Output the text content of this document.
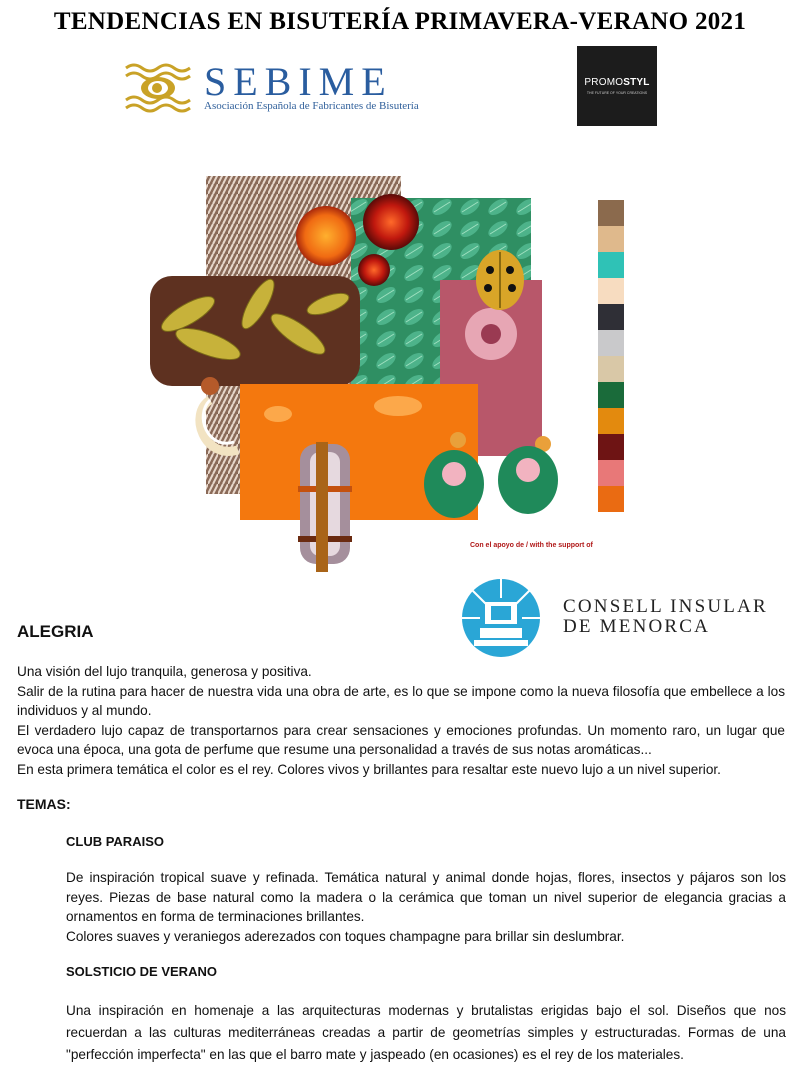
TENDENCIAS EN BISUTERÍA PRIMAVERA-VERANO 2021
SEBIME
Asociación Española de Fabricantes de Bisutería
PROMOSTYL
THE FUTURE OF YOUR CREATIONS
Con el apoyo de / with the support of
CONSELL INSULAR
DE MENORCA
ALEGRIA
Una visión del lujo tranquila, generosa y positiva.
Salir de la rutina para hacer de nuestra vida una obra de arte, es lo que se impone como la nueva filosofía que embellece a los individuos y al mundo.
El verdadero lujo capaz de transportarnos para crear sensaciones y emociones profundas. Un momento raro, un lugar que evoca una época, una gota de perfume que resume una personalidad a través de sus notas aromáticas...
En esta primera temática el color es el rey. Colores vivos y brillantes para resaltar este nuevo lujo a un nivel superior.
TEMAS:
CLUB PARAISO
De inspiración tropical suave y refinada. Temática natural y animal donde hojas, flores, insectos y pájaros son los reyes. Piezas de base natural como la madera o la cerámica que toman un nivel superior de elegancia gracias a ornamentos en forma de terminaciones brillantes.
Colores suaves y veraniegos aderezados con toques champagne para brillar sin deslumbrar.
SOLSTICIO DE VERANO
Una inspiración en homenaje a las arquitecturas modernas y brutalistas erigidas bajo el sol. Diseños que nos recuerdan a las culturas mediterráneas creadas a partir de geometrías simples y estructuradas. Formas de una "perfección imperfecta" en las que el barro mate y jaspeado (en ocasiones) es el rey de los materiales.
